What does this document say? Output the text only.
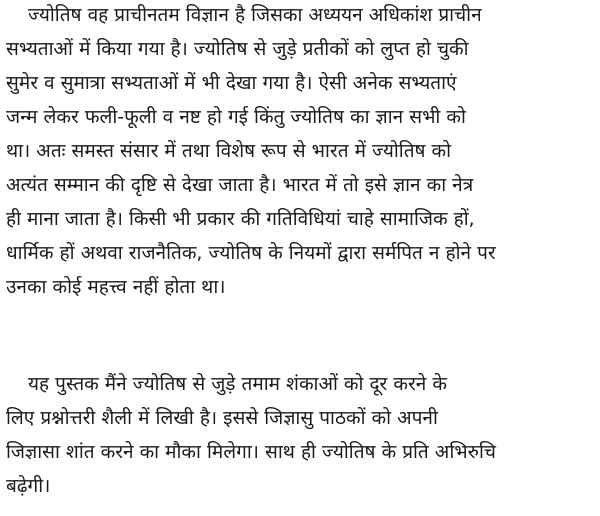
ज्योतिष वह प्राचीनतम विज्ञान है जिसका अध्ययन अधिकांश प्राचीन
सभ्यताओं में किया गया है। ज्योतिष से जुड़े प्रतीकों को लुप्त हो चुकी
सुमेर व सुमात्रा सभ्यताओं में भी देखा गया है। ऐसी अनेक सभ्यताएं
जन्म लेकर फली-फूली व नष्ट हो गई किंतु ज्योतिष का ज्ञान सभी को
था। अतः समस्त संसार में तथा विशेष रूप से भारत में ज्योतिष को
अत्यंत सम्मान की दृष्टि से देखा जाता है। भारत में तो इसे ज्ञान का नेत्र
ही माना जाता है। किसी भी प्रकार की गतिविधियां चाहे सामाजिक हों,
धार्मिक हों अथवा राजनैतिक, ज्योतिष के नियमों द्वारा सर्मपित न होने पर
उनका कोई महत्त्व नहीं होता था।
यह पुस्तक मैंने ज्योतिष से जुड़े तमाम शंकाओं को दूर करने के
लिए प्रश्नोत्तरी शैली में लिखी है। इससे जिज्ञासु पाठकों को अपनी
जिज्ञासा शांत करने का मौका मिलेगा। साथ ही ज्योतिष के प्रति अभिरुचि
बढ़ेगी।
